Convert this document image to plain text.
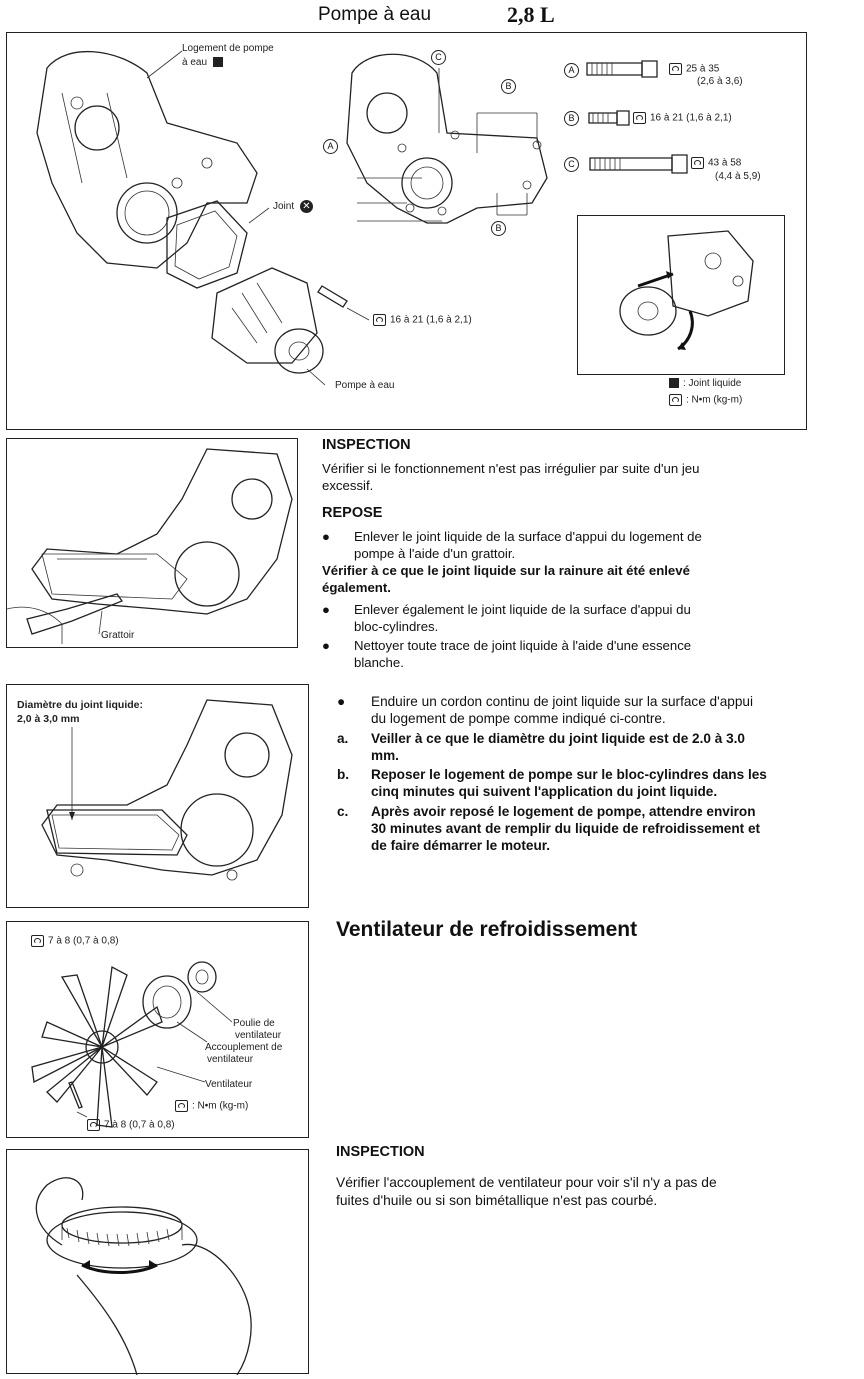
Pompe à eau	2,8 L
Logement de pompe
à eau
Joint ✕
16 à 21 (1,6 à 2,1)
Pompe à eau
C
B
A
B
A	25 à 35
(2,6 à 3,6)
B	16 à 21 (1,6 à 2,1)
C	43 à 58
(4,4 à 5,9)
: Joint liquide
: N•m (kg-m)
Grattoir
INSPECTION
Vérifier si le fonctionnement n'est pas irrégulier par suite d'un jeu
excessif.
REPOSE
● Enlever le joint liquide de la surface d'appui du logement de
pompe à l'aide d'un grattoir.
Vérifier à ce que le joint liquide sur la rainure ait été enlevé
également.
● Enlever également le joint liquide de la surface d'appui du
bloc-cylindres.
● Nettoyer toute trace de joint liquide à l'aide d'une essence
blanche.
Diamètre du joint liquide:
2,0 à 3,0 mm
● Enduire un cordon continu de joint liquide sur la surface d'appui
du logement de pompe comme indiqué ci-contre.
a. Veiller à ce que le diamètre du joint liquide est de 2.0 à 3.0
mm.
b. Reposer le logement de pompe sur le bloc-cylindres dans les
cinq minutes qui suivent l'application du joint liquide.
c. Après avoir reposé le logement de pompe, attendre environ
30 minutes avant de remplir du liquide de refroidissement et
de faire démarrer le moteur.
7 à 8 (0,7 à 0,8)
Poulie de
ventilateur
Accouplement de
ventilateur
Ventilateur
: N•m (kg-m)
7 à 8 (0,7 à 0,8)
Ventilateur de refroidissement
INSPECTION
Vérifier l'accouplement de ventilateur pour voir s'il n'y a pas de
fuites d'huile ou si son bimétallique n'est pas courbé.
